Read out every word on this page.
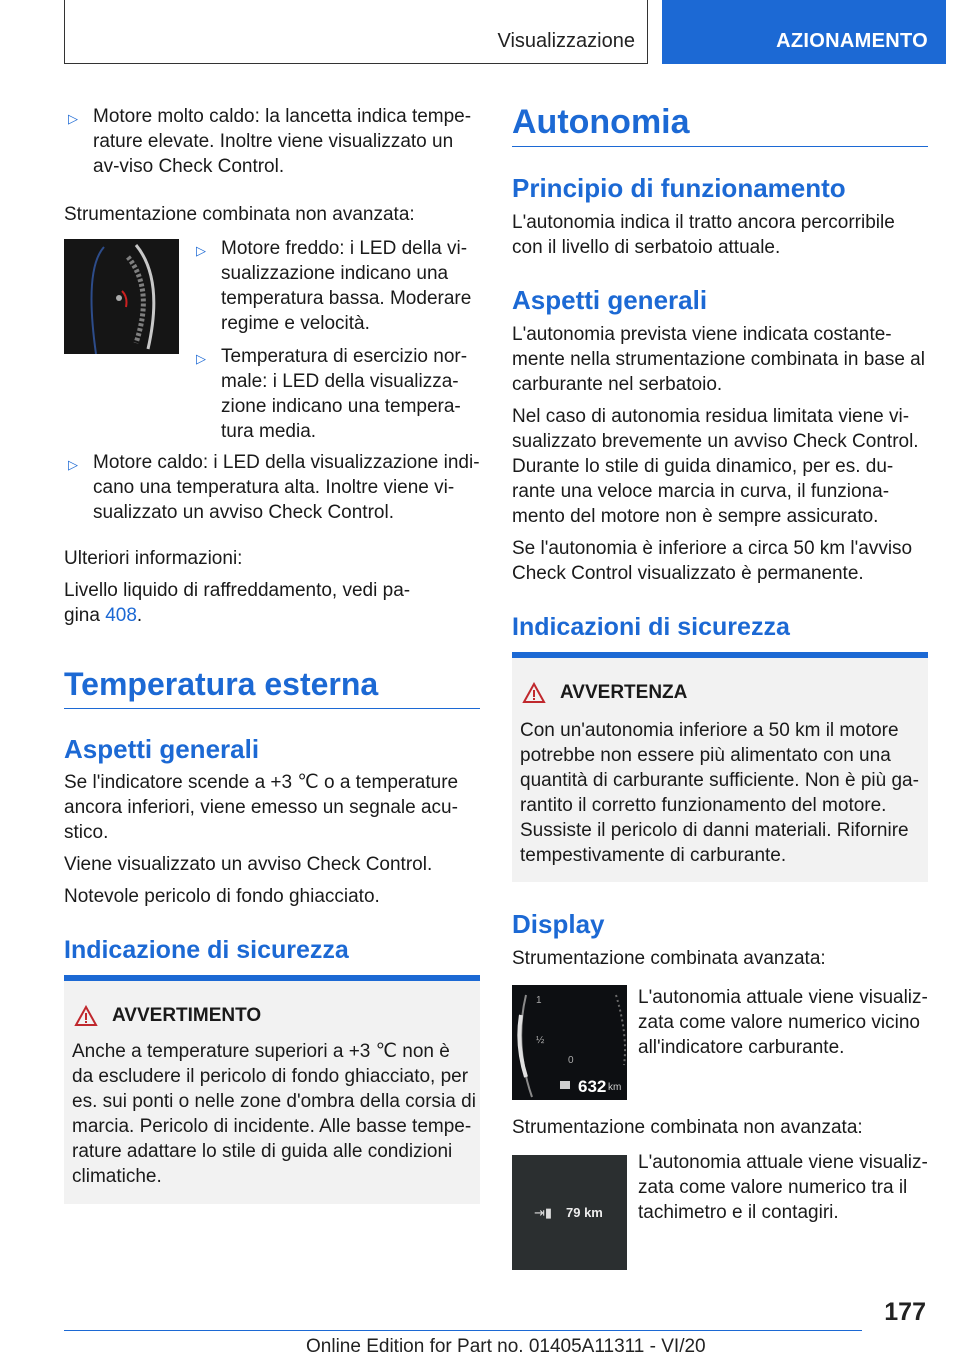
Visualizzazione	AZIONAMENTO
▷ Motore molto caldo: la lancetta indica tempe-rature elevate. Inoltre viene visualizzato un av-viso Check Control.

Strumentazione combinata non avanzata:

▷ Motore freddo: i LED della vi-sualizzazione indicano una temperatura bassa. Moderare regime e velocità.

▷ Temperatura di esercizio nor-male: i LED della visualizza-zione indicano una tempera-tura media.

▷ Motore caldo: i LED della visualizzazione indi-cano una temperatura alta. Inoltre viene vi-sualizzato un avviso Check Control.

Ulteriori informazioni:

Livello liquido di raffreddamento, vedi pa-gina 408.

Temperatura esterna
Aspetti generali

Se l'indicatore scende a +3 ℃ o a temperature ancora inferiori, viene emesso un segnale acu-stico.

Viene visualizzato un avviso Check Control.

Notevole pericolo di fondo ghiacciato.

Indicazione di sicurezza
AVVERTIMENTO

Anche a temperature superiori a +3 ℃ non è da escludere il pericolo di fondo ghiacciato, per es. sui ponti o nelle zone d'ombra della corsia di marcia. Pericolo di incidente. Alle basse tempe-rature adattare lo stile di guida alle condizioni climatiche.

Autonomia
Principio di funzionamento

L'autonomia indica il tratto ancora percorribile con il livello di serbatoio attuale.

Aspetti generali

L'autonomia prevista viene indicata costante-mente nella strumentazione combinata in base al carburante nel serbatoio.

Nel caso di autonomia residua limitata viene vi-sualizzato brevemente un avviso Check Control. Durante lo stile di guida dinamico, per es. du-rante una veloce marcia in curva, il funziona-mento del motore non è sempre assicurato.

Se l'autonomia è inferiore a circa 50 km l'avviso Check Control visualizzato è permanente.

Indicazioni di sicurezza
AVVERTENZA

Con un'autonomia inferiore a 50 km il motore potrebbe non essere più alimentato con una quantità di carburante sufficiente. Non è più ga-rantito il corretto funzionamento del motore. Sussiste il pericolo di danni materiali. Rifornire tempestivamente di carburante.

Display

Strumentazione combinata avanzata:

1
½
0
632 km

L'autonomia attuale viene visualiz-zata come valore numerico vicino all'indicatore carburante.

Strumentazione combinata non avanzata:

⇥▮ 79 km

L'autonomia attuale viene visualiz-zata come valore numerico tra il tachimetro e il contagiri.

177
Online Edition for Part no. 01405A11311 - VI/20
